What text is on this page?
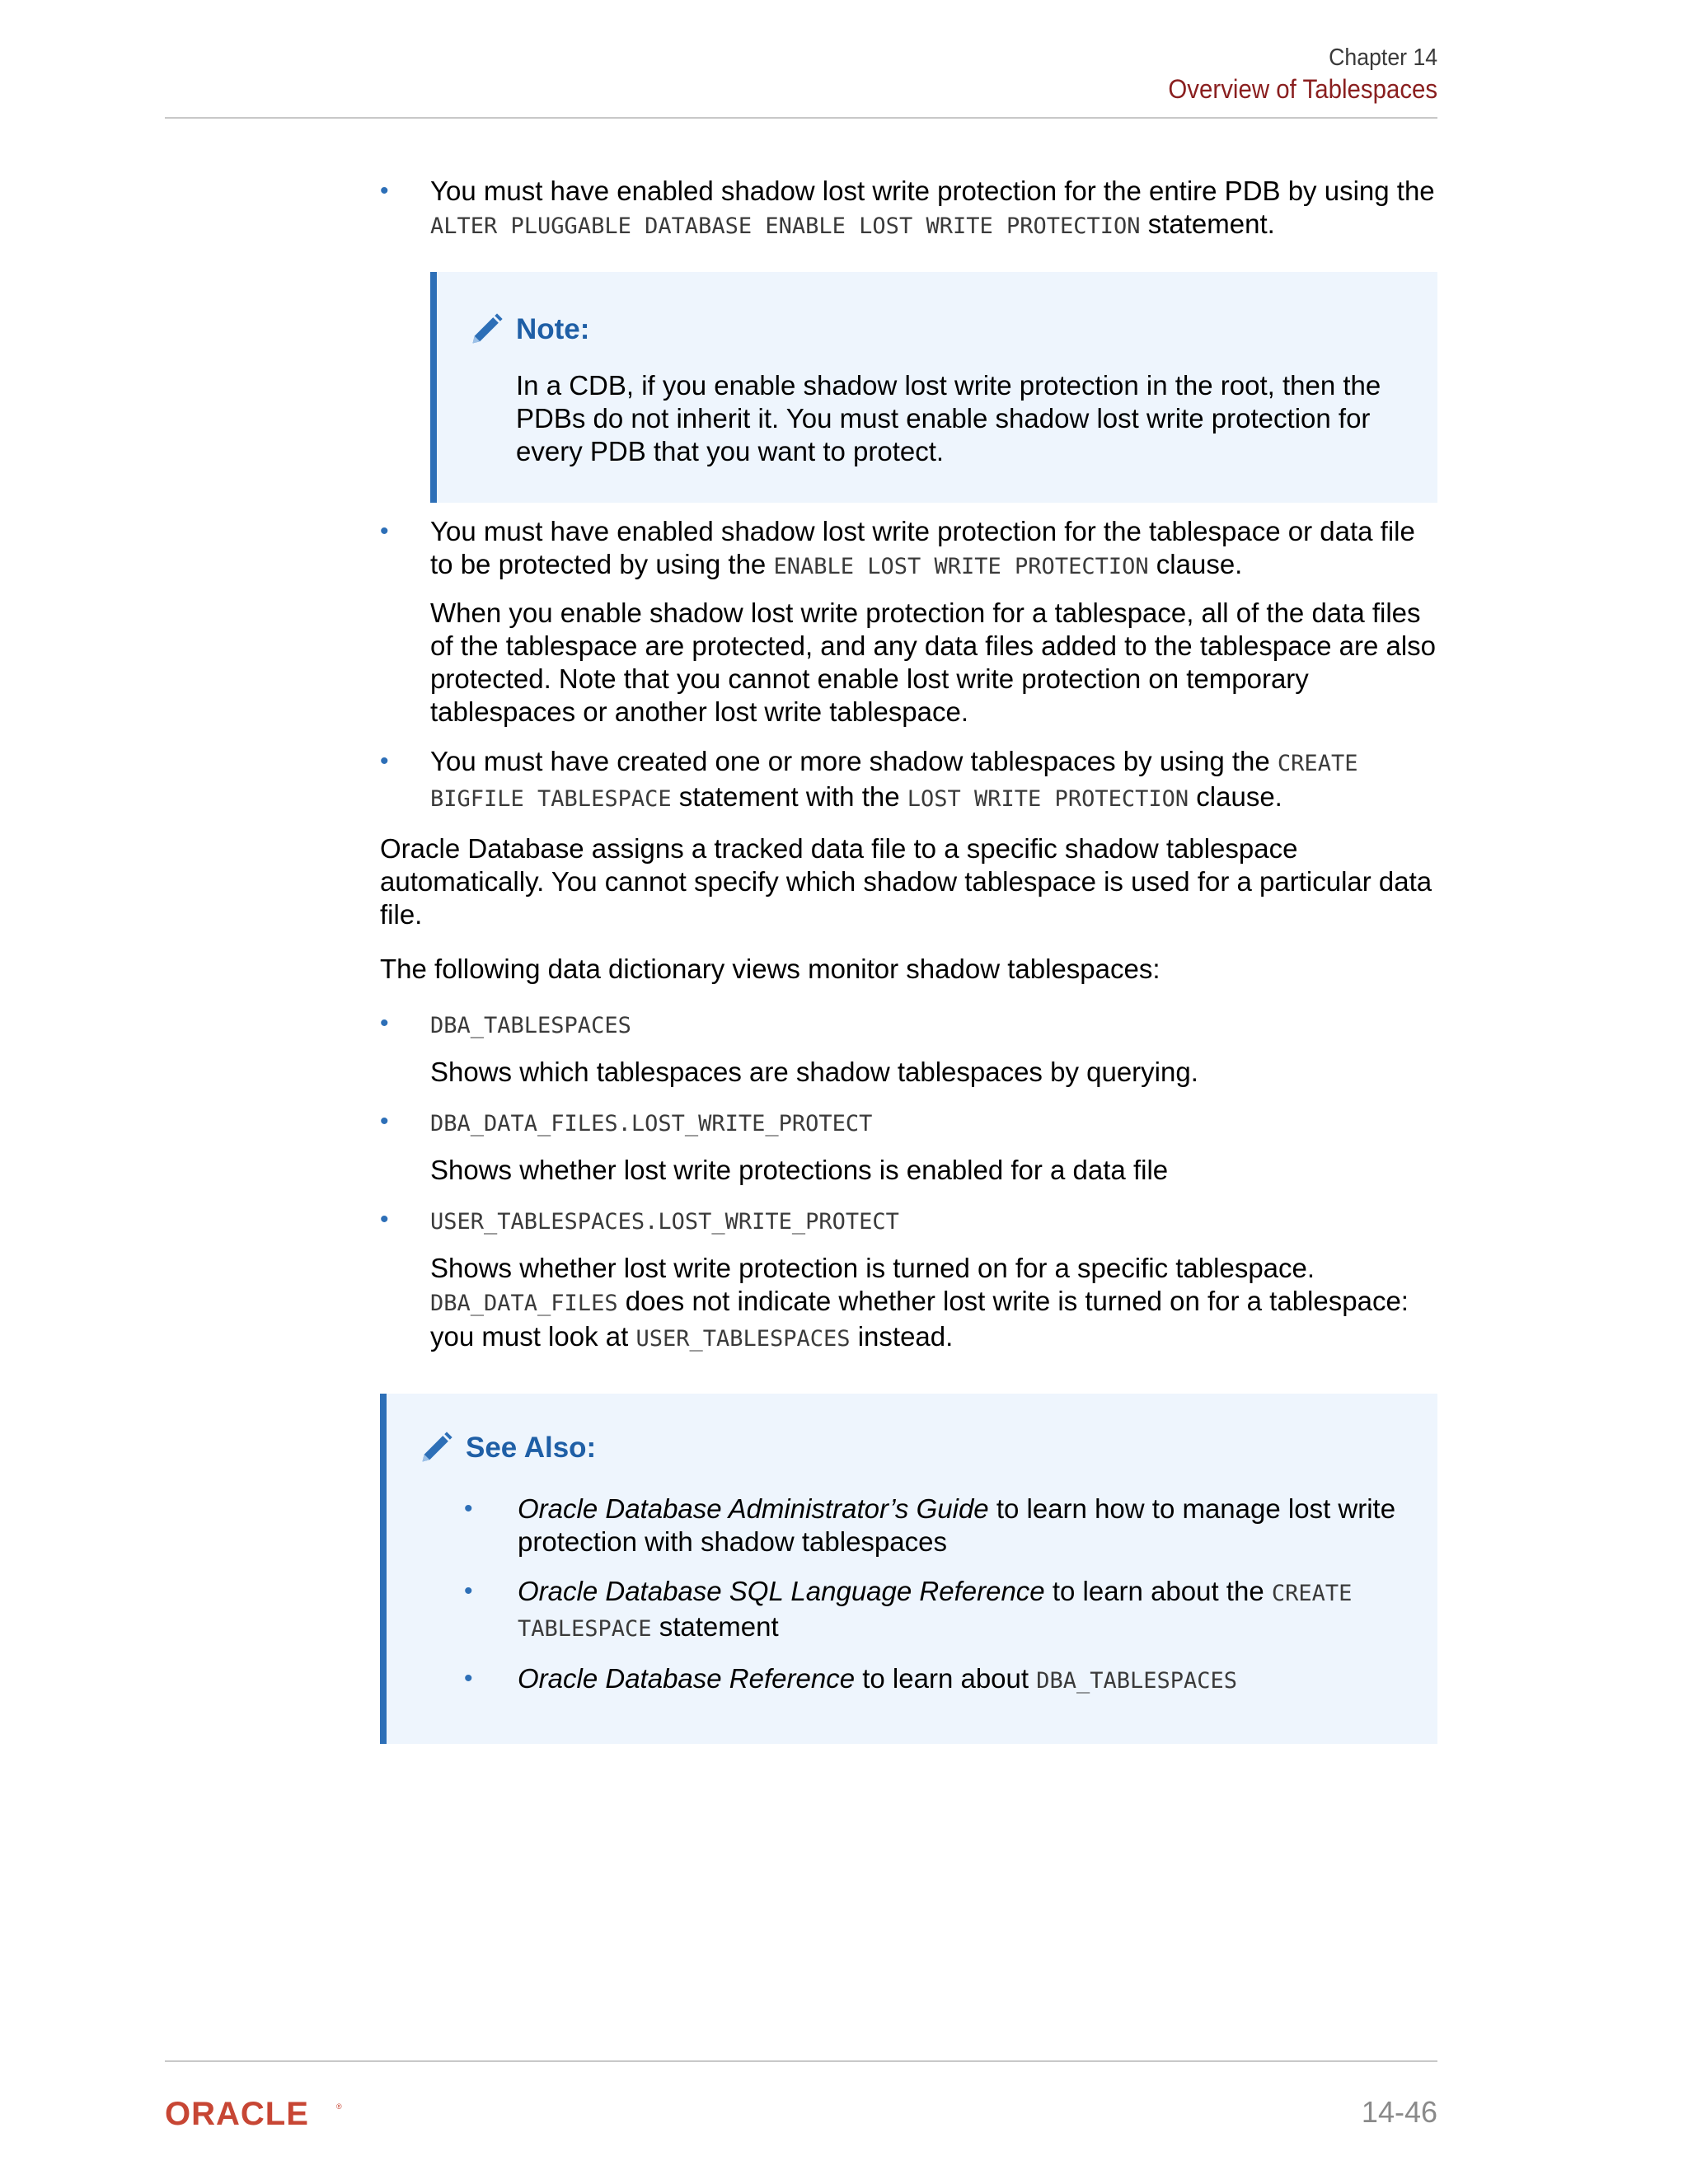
Chapter 14
Overview of Tablespaces
• You must have enabled shadow lost write protection for the entire PDB by using the ALTER PLUGGABLE DATABASE ENABLE LOST WRITE PROTECTION statement.
Note:
In a CDB, if you enable shadow lost write protection in the root, then the PDBs do not inherit it. You must enable shadow lost write protection for every PDB that you want to protect.
• You must have enabled shadow lost write protection for the tablespace or data file to be protected by using the ENABLE LOST WRITE PROTECTION clause.
When you enable shadow lost write protection for a tablespace, all of the data files of the tablespace are protected, and any data files added to the tablespace are also protected. Note that you cannot enable lost write protection on temporary tablespaces or another lost write tablespace.
• You must have created one or more shadow tablespaces by using the CREATE BIGFILE TABLESPACE statement with the LOST WRITE PROTECTION clause.

Oracle Database assigns a tracked data file to a specific shadow tablespace automatically. You cannot specify which shadow tablespace is used for a particular data file.

The following data dictionary views monitor shadow tablespaces:

• DBA_TABLESPACES
Shows which tablespaces are shadow tablespaces by querying.
• DBA_DATA_FILES.LOST_WRITE_PROTECT
Shows whether lost write protections is enabled for a data file
• USER_TABLESPACES.LOST_WRITE_PROTECT
Shows whether lost write protection is turned on for a specific tablespace. DBA_DATA_FILES does not indicate whether lost write is turned on for a tablespace: you must look at USER_TABLESPACES instead.
See Also:
• Oracle Database Administrator’s Guide to learn how to manage lost write protection with shadow tablespaces
• Oracle Database SQL Language Reference to learn about the CREATE TABLESPACE statement
• Oracle Database Reference to learn about DBA_TABLESPACES
ORACLE	®	14-46
